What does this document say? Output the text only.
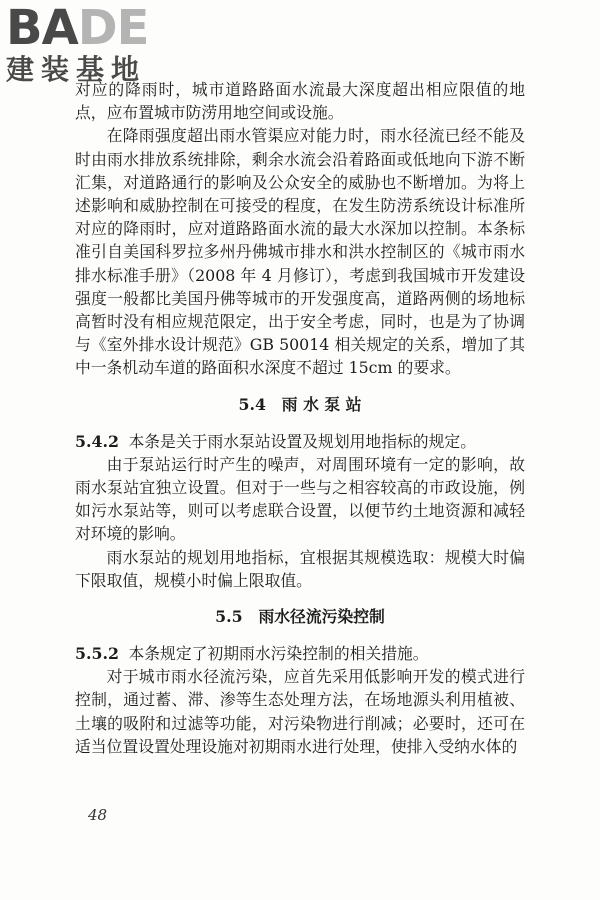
BADE
建装基地

对应的降雨时，城市道路路面水流最大深度超出相应限值的地点，应布置城市防涝用地空间或设施。

在降雨强度超出雨水管渠应对能力时，雨水径流已经不能及时由雨水排放系统排除，剩余水流会沿着路面或低地向下游不断汇集，对道路通行的影响及公众安全的威胁也不断增加。为将上述影响和威胁控制在可接受的程度，在发生防涝系统设计标准所对应的降雨时，应对道路路面水流的最大水深加以控制。本条标准引自美国科罗拉多州丹佛城市排水和洪水控制区的《城市雨水排水标准手册》（2008 年 4 月修订），考虑到我国城市开发建设强度一般都比美国丹佛等城市的开发强度高，道路两侧的场地标高暂时没有相应规范限定，出于安全考虑，同时，也是为了协调与《室外排水设计规范》GB 50014 相关规定的关系，增加了其中一条机动车道的路面积水深度不超过 15cm 的要求。

5.4　雨 水 泵 站

5.4.2 本条是关于雨水泵站设置及规划用地指标的规定。

由于泵站运行时产生的噪声，对周围环境有一定的影响，故雨水泵站宜独立设置。但对于一些与之相容较高的市政设施，例如污水泵站等，则可以考虑联合设置，以便节约土地资源和减轻对环境的影响。

雨水泵站的规划用地指标，宜根据其规模选取：规模大时偏下限取值，规模小时偏上限取值。

5.5　雨水径流污染控制

5.5.2 本条规定了初期雨水污染控制的相关措施。

对于城市雨水径流污染，应首先采用低影响开发的模式进行控制，通过蓄、滞、渗等生态处理方法，在场地源头利用植被、土壤的吸附和过滤等功能，对污染物进行削减；必要时，还可在适当位置设置处理设施对初期雨水进行处理，使排入受纳水体的

48
